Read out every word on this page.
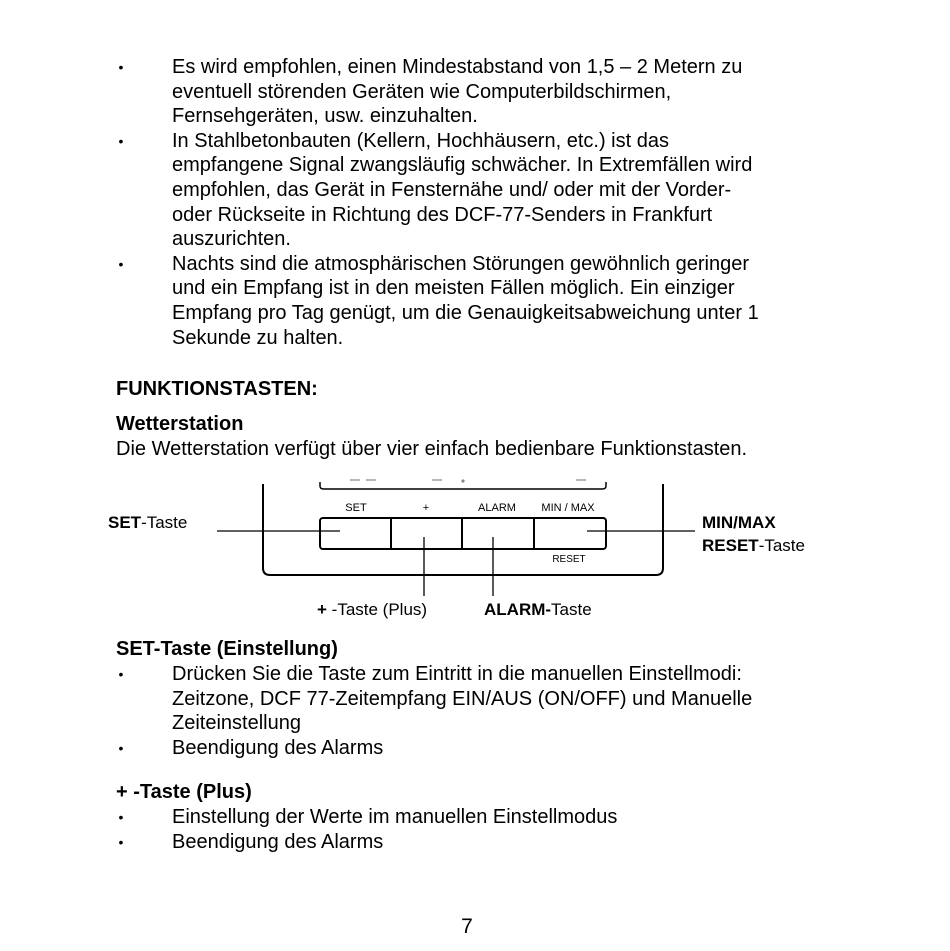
• Es wird empfohlen, einen Mindestabstand von 1,5 – 2 Metern zu
eventuell störenden Geräten wie Computerbildschirmen,
Fernsehgeräten, usw. einzuhalten.
• In Stahlbetonbauten (Kellern, Hochhäusern, etc.) ist das
empfangene Signal zwangsläufig schwächer. In Extremfällen wird
empfohlen, das Gerät in Fensternähe und/ oder mit der Vorder-
oder Rückseite in Richtung des DCF-77-Senders in Frankfurt
auszurichten.
• Nachts sind die atmosphärischen Störungen gewöhnlich geringer
und ein Empfang ist in den meisten Fällen möglich. Ein einziger
Empfang pro Tag genügt, um die Genauigkeitsabweichung unter 1
Sekunde zu halten.
FUNKTIONSTASTEN:
Wetterstation
Die Wetterstation verfügt über vier einfach bedienbare Funktionstasten.
SET	+	ALARM MIN / MAX
RESET
SET-Taste	MIN/MAX
RESET-Taste
+ -Taste (Plus)	ALARM-Taste
SET-Taste (Einstellung)
• Drücken Sie die Taste zum Eintritt in die manuellen Einstellmodi:
Zeitzone, DCF 77-Zeitempfang EIN/AUS (ON/OFF) und Manuelle
Zeiteinstellung
• Beendigung des Alarms
+ -Taste (Plus)
• Einstellung der Werte im manuellen Einstellmodus
• Beendigung des Alarms
7
